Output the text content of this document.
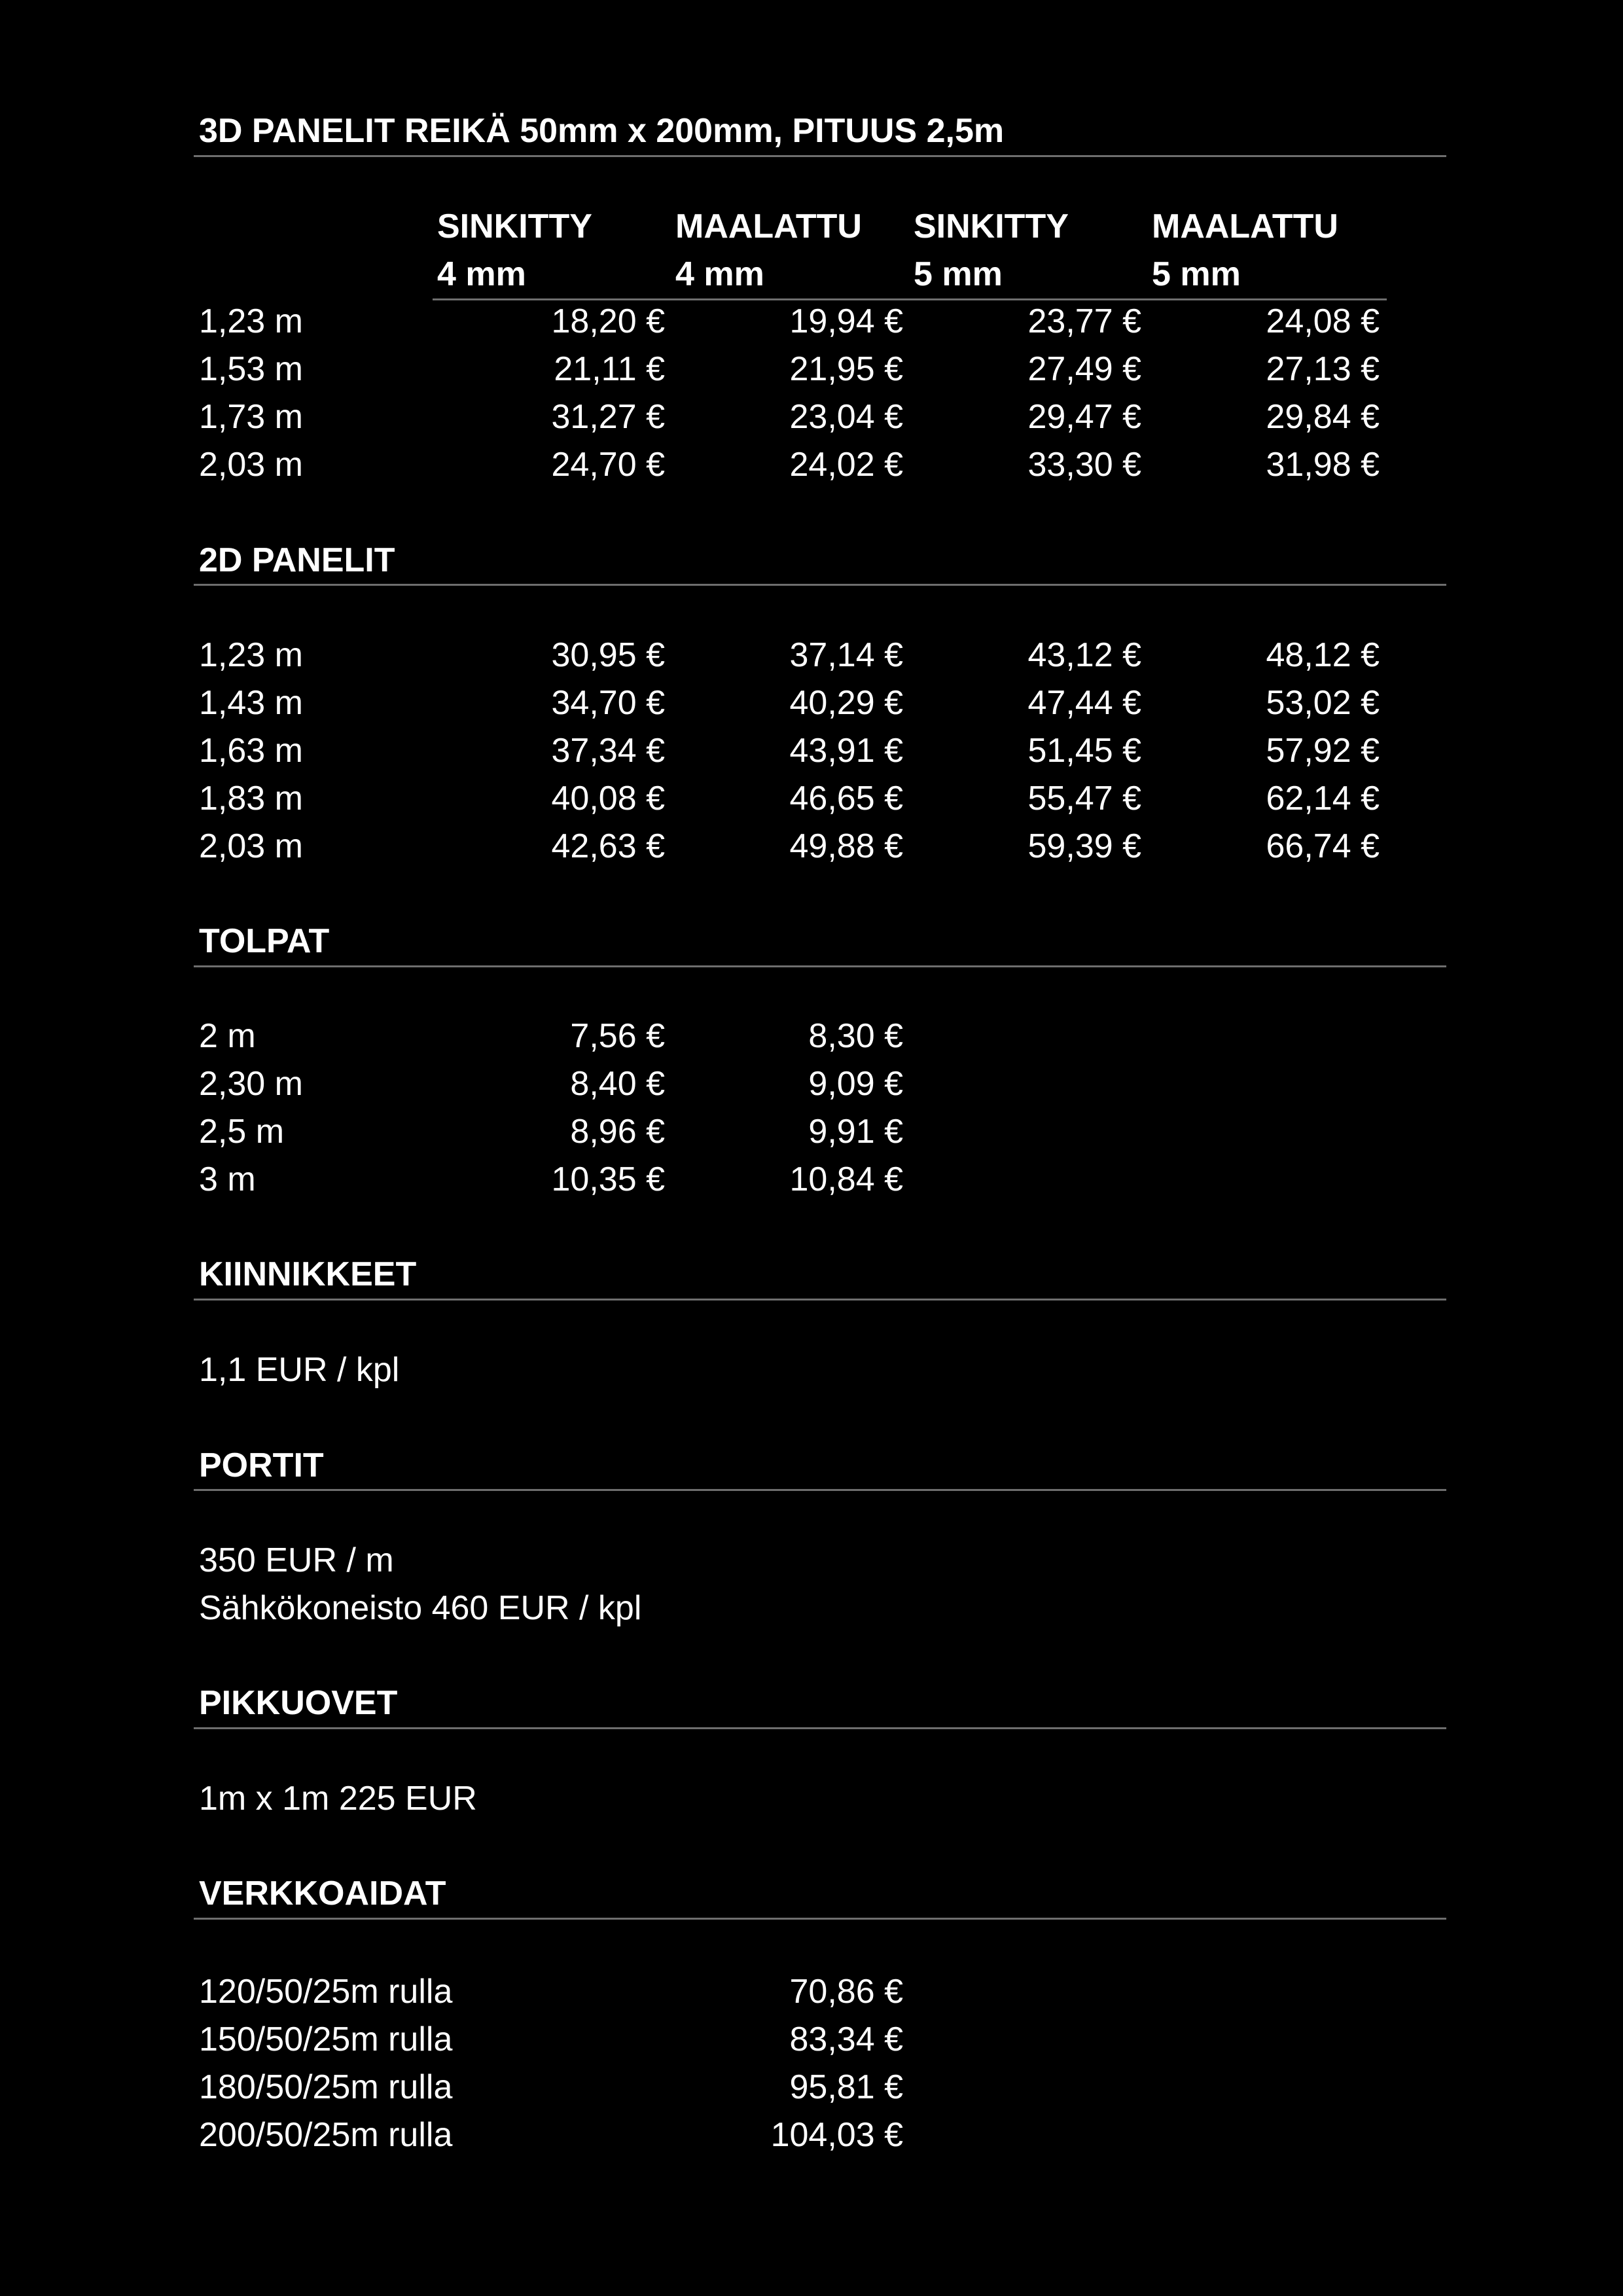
3D PANELIT REIKÄ 50mm x 200mm, PITUUS 2,5m
SINKITTY MAALATTU SINKITTY MAALATTU
4 mm	4 mm	5 mm	5 mm
1,23 m	18,20 €	19,94 €	23,77 €	24,08 €
1,53 m	21,11 €	21,95 €	27,49 €	27,13 €
1,73 m	31,27 €	23,04 €	29,47 €	29,84 €
2,03 m	24,70 €	24,02 €	33,30 €	31,98 €
2D PANELIT
1,23 m	30,95 €	37,14 €	43,12 €	48,12 €
1,43 m	34,70 €	40,29 €	47,44 €	53,02 €
1,63 m	37,34 €	43,91 €	51,45 €	57,92 €
1,83 m	40,08 €	46,65 €	55,47 €	62,14 €
2,03 m	42,63 €	49,88 €	59,39 €	66,74 €
TOLPAT
2 m	7,56 €	8,30 €
2,30 m	8,40 €	9,09 €
2,5 m	8,96 €	9,91 €
3 m	10,35 €	10,84 €
KIINNIKKEET
1,1 EUR / kpl
PORTIT
350 EUR / m
Sähkökoneisto 460 EUR / kpl
PIKKUOVET
1m x 1m 225 EUR
VERKKOAIDAT
120/50/25m rulla	70,86 €
150/50/25m rulla	83,34 €
180/50/25m rulla	95,81 €
200/50/25m rulla	104,03 €
